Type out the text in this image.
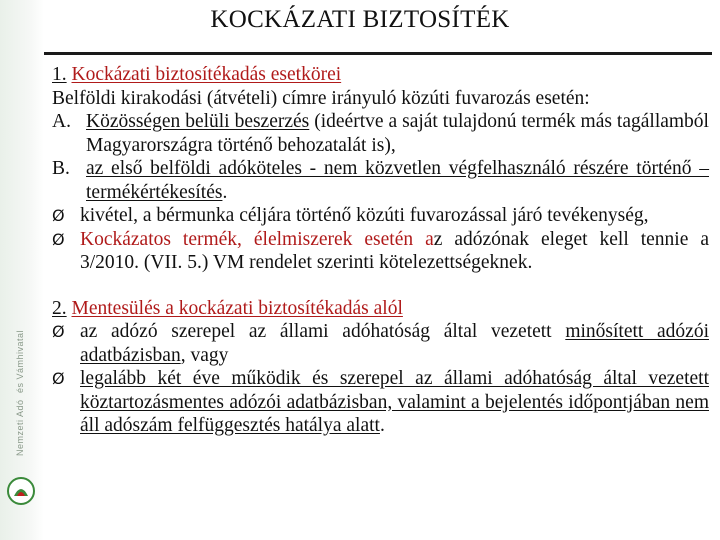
Nemzeti Adó
és Vámhivatal
KOCKÁZATI BIZTOSÍTÉK

1. Kockázati biztosítékadás esetkörei

Belföldi kirakodási (átvételi) címre irányuló közúti fuvarozás esetén:

A. Közösségen belüli beszerzés (ideértve a saját tulajdonú termék más tagállamból Magyarországra történő behozatalát is),
B. az első belföldi adóköteles - nem közvetlen végfelhasználó részére történő – termékértékesítés.
Ø kivétel, a bérmunka céljára történő közúti fuvarozással járó tevékenység,
Ø Kockázatos termék, élelmiszerek esetén az adózónak eleget kell tennie a 3/2010. (VII. 5.) VM rendelet szerinti kötelezettségeknek.

2. Mentesülés a kockázati biztosítékadás alól

Ø az adózó szerepel az állami adóhatóság által vezetett minősített adózói adatbázisban, vagy
Ø legalább két éve működik és szerepel az állami adóhatóság által vezetett köztartozásmentes adózói adatbázisban, valamint a bejelentés időpontjában nem áll adószám felfüggesztés hatálya alatt.
